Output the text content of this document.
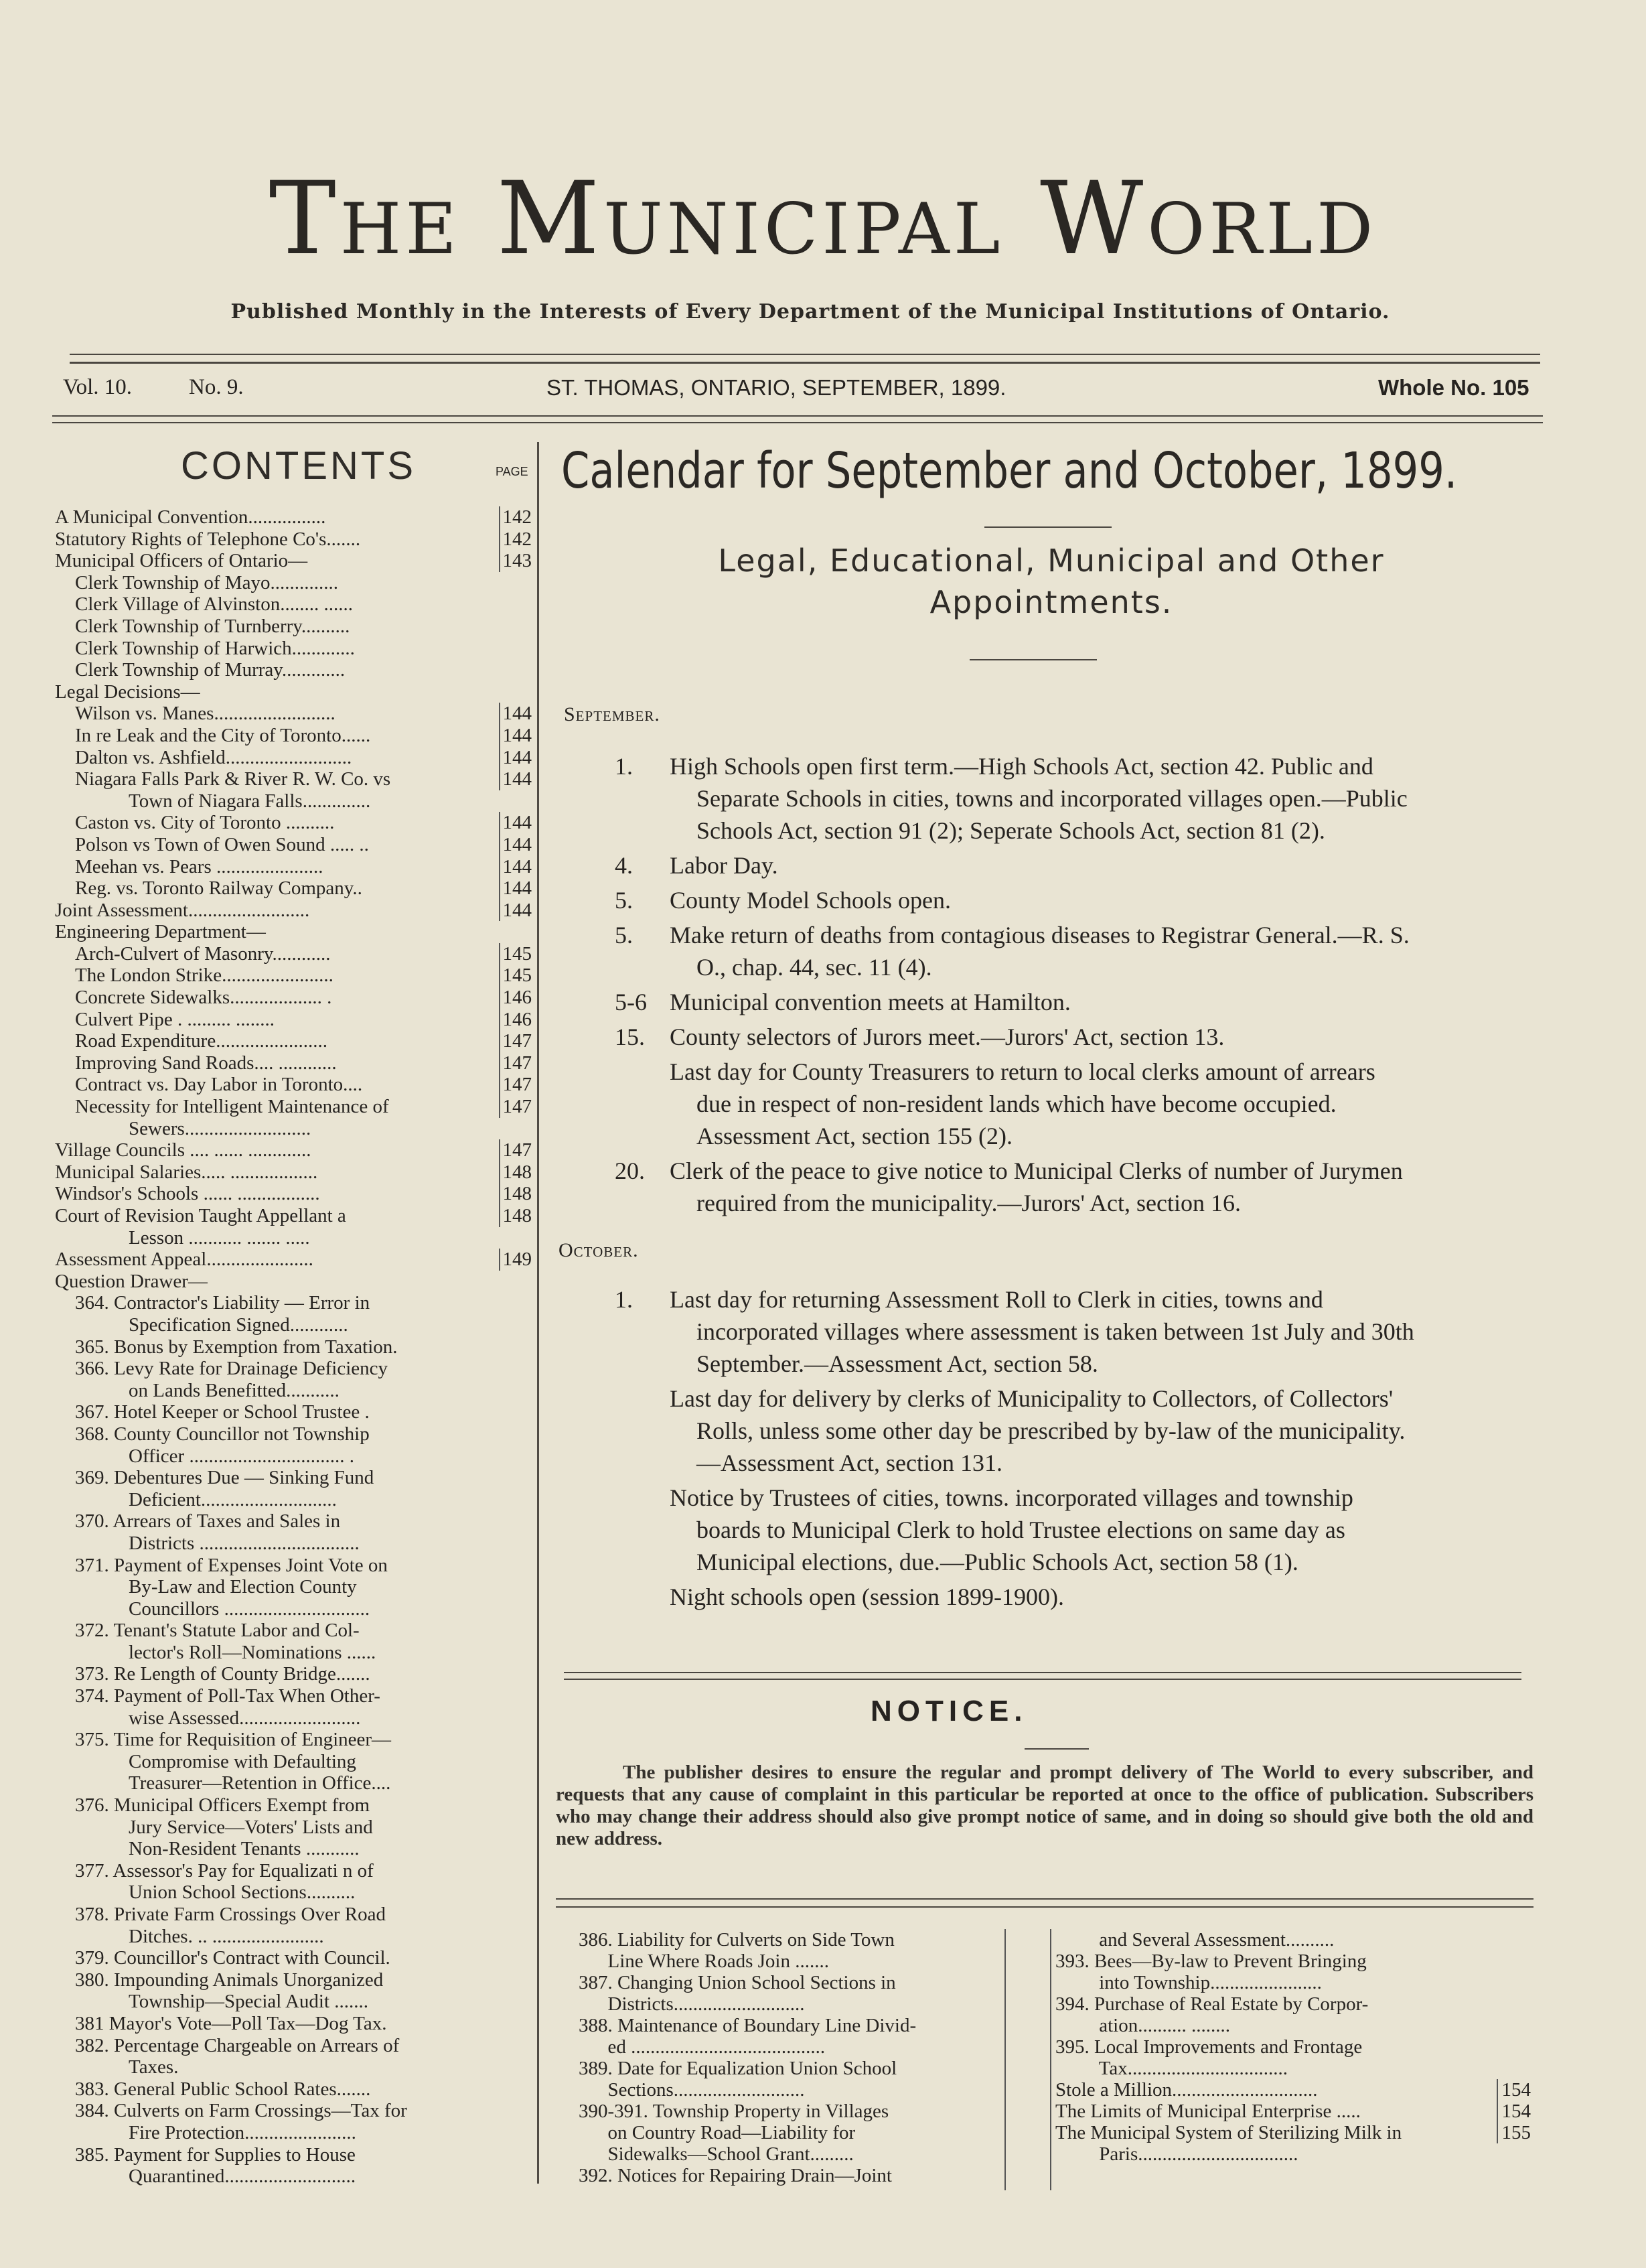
The Municipal World
Published Monthly in the Interests of Every Department of the Municipal Institutions of Ontario.
Vol. 10.	No. 9.	ST. THOMAS, ONTARIO, SEPTEMBER, 1899.	Whole No. 105
CONTENTS	PAGE
A Municipal Convention................	142
Statutory Rights of Telephone Co's.......	142
Municipal Officers of Ontario—	143
Clerk Township of Mayo..............
Clerk Village of Alvinston........ ......
Clerk Township of Turnberry..........
Clerk Township of Harwich.............
Clerk Township of Murray.............
Legal Decisions—
Wilson vs. Manes.........................	144
In re Leak and the City of Toronto......	144
Dalton vs. Ashfield..........................	144
Niagara Falls Park & River R. W. Co. vs	144
Town of Niagara Falls..............
Caston vs. City of Toronto ..........	144
Polson vs Town of Owen Sound ..... ..	144
Meehan vs. Pears ......................	144
Reg. vs. Toronto Railway Company..	144
Joint Assessment.........................	144
Engineering Department—
Arch-Culvert of Masonry............	145
The London Strike.......................	145
Concrete Sidewalks................... .	146
Culvert Pipe . ......... ........	146
Road Expenditure.......................	147
Improving Sand Roads.... ............	147
Contract vs. Day Labor in Toronto....	147
Necessity for Intelligent Maintenance of	147
Sewers..........................
Village Councils .... ...... .............	147
Municipal Salaries..... ..................	148
Windsor's Schools ...... .................	148
Court of Revision Taught Appellant a	148
Lesson ........... ....... .....
Assessment Appeal......................	149
Question Drawer—
364. Contractor's Liability — Error in
Specification Signed............
365. Bonus by Exemption from Taxation.
366. Levy Rate for Drainage Deficiency
on Lands Benefitted...........
367. Hotel Keeper or School Trustee .
368. County Councillor not Township
Officer ................................ .
369. Debentures Due — Sinking Fund
Deficient............................
370. Arrears of Taxes and Sales in
Districts .................................
371. Payment of Expenses Joint Vote on
By-Law and Election County
Councillors ..............................
372. Tenant's Statute Labor and Col-
lector's Roll—Nominations ......
373. Re Length of County Bridge.......
374. Payment of Poll-Tax When Other-
wise Assessed.........................
375. Time for Requisition of Engineer—
Compromise with Defaulting
Treasurer—Retention in Office....
376. Municipal Officers Exempt from
Jury Service—Voters' Lists and
Non-Resident Tenants ...........
377. Assessor's Pay for Equalizati n of
Union School Sections..........
378. Private Farm Crossings Over Road
Ditches. .. .......................
379. Councillor's Contract with Council.
380. Impounding Animals Unorganized
Township—Special Audit .......
381 Mayor's Vote—Poll Tax—Dog Tax.
382. Percentage Chargeable on Arrears of
Taxes.
383. General Public School Rates.......
384. Culverts on Farm Crossings—Tax for
Fire Protection.......................
385. Payment for Supplies to House
Quarantined...........................
Calendar for September and October, 1899.
Legal, Educational, Municipal and Other
Appointments.
September.
1.	High Schools open first term.—High Schools Act, section 42. Public and
Separate Schools in cities, towns and incorporated villages open.—Public
Schools Act, section 91 (2); Seperate Schools Act, section 81 (2).
4.	Labor Day.
5.	County Model Schools open.
5.	Make return of deaths from contagious diseases to Registrar General.—R. S.
O., chap. 44, sec. 11 (4).
5-6 Municipal convention meets at Hamilton.
15.	County selectors of Jurors meet.—Jurors' Act, section 13.
Last day for County Treasurers to return to local clerks amount of arrears
due in respect of non-resident lands which have become occupied.
Assessment Act, section 155 (2).
20.	Clerk of the peace to give notice to Municipal Clerks of number of Jurymen
required from the municipality.—Jurors' Act, section 16.
October.
1.	Last day for returning Assessment Roll to Clerk in cities, towns and
incorporated villages where assessment is taken between 1st July and 30th
September.—Assessment Act, section 58.
Last day for delivery by clerks of Municipality to Collectors, of Collectors'
Rolls, unless some other day be prescribed by by-law of the municipality.
—Assessment Act, section 131.
Notice by Trustees of cities, towns. incorporated villages and township
boards to Municipal Clerk to hold Trustee elections on same day as
Municipal elections, due.—Public Schools Act, section 58 (1).
Night schools open (session 1899-1900).
NOTICE.
The publisher desires to ensure the regular and prompt delivery of The World to every subscriber, and requests that any cause of complaint in this particular be reported at once to the office of publication. Subscribers who may change their address should also give prompt notice of same, and in doing so should give both the old and new address.
386. Liability for Culverts on Side Town
Line Where Roads Join .......
387. Changing Union School Sections in
Districts...........................
388. Maintenance of Boundary Line Divid-
ed ........................................
389. Date for Equalization Union School
Sections...........................
390-391. Township Property in Villages
on Country Road—Liability for
Sidewalks—School Grant.........
392. Notices for Repairing Drain—Joint
and Several Assessment..........
393. Bees—By-law to Prevent Bringing
into Township.......................
394. Purchase of Real Estate by Corpor-
ation.......... ........
395. Local Improvements and Frontage
Tax.................................
Stole a Million..............................	154
The Limits of Municipal Enterprise .....	154
The Municipal System of Sterilizing Milk in	155
Paris.................................
